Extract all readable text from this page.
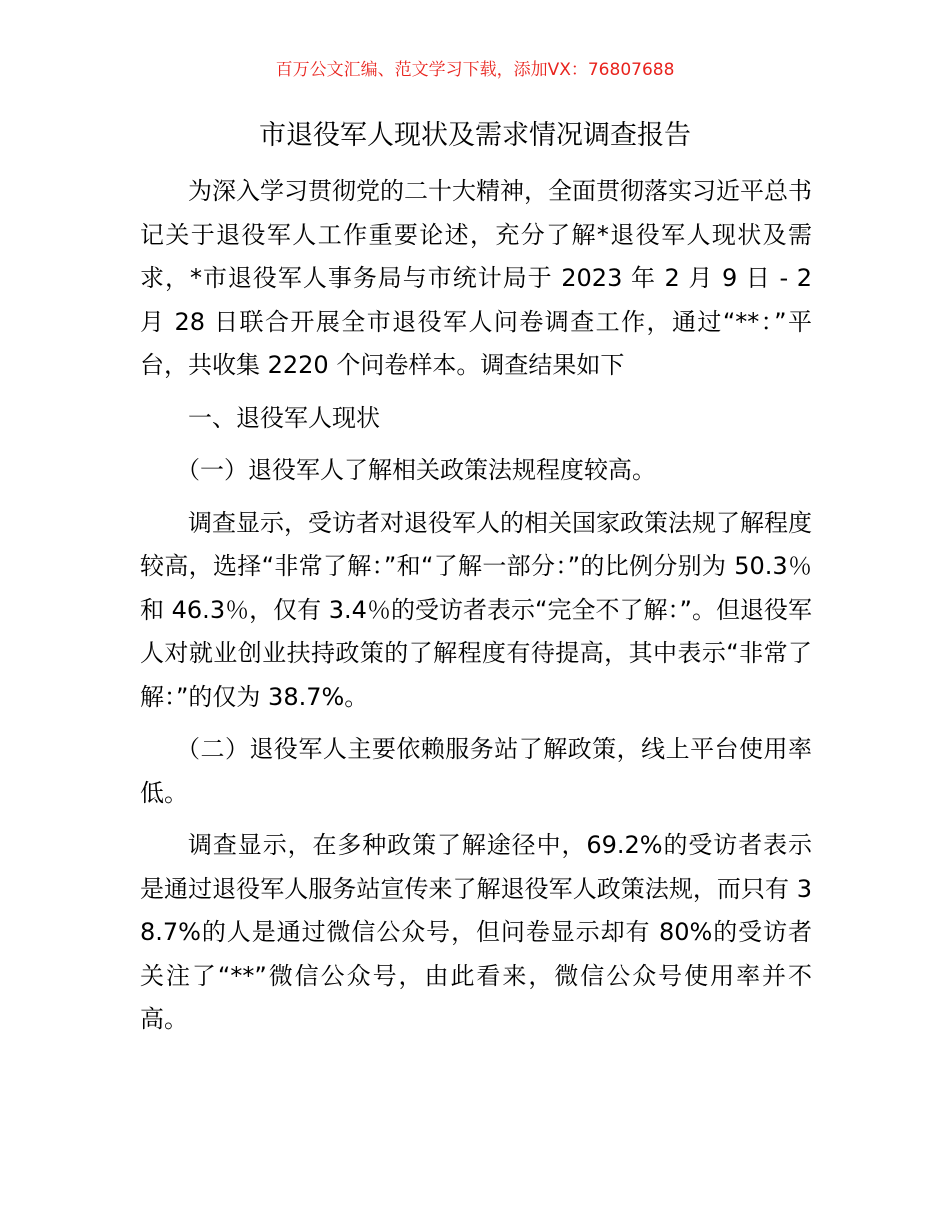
百万公文汇编、范文学习下载，添加VX：76807688
市退役军人现状及需求情况调查报告

为深入学习贯彻党的二十大精神，全面贯彻落实习近平总书记关于退役军人工作重要论述，充分了解*退役军人现状及需求，*市退役军人事务局与市统计局于 2023 年 2 月 9 日 - 2 月 28 日联合开展全市退役军人问卷调查工作，通过“**：”平台，共收集 2220 个问卷样本。调查结果如下

一、退役军人现状

（一）退役军人了解相关政策法规程度较高。

调查显示，受访者对退役军人的相关国家政策法规了解程度较高，选择“非常了解：”和“了解一部分：”的比例分别为 50.3％和 46.3％，仅有 3.4％的受访者表示“完全不了解：”。但退役军人对就业创业扶持政策的了解程度有待提高，其中表示“非常了解：”的仅为 38.7%。

（二）退役军人主要依赖服务站了解政策，线上平台使用率低。

调查显示，在多种政策了解途径中，69.2%的受访者表示是通过退役军人服务站宣传来了解退役军人政策法规，而只有 38.7%的人是通过微信公众号，但问卷显示却有 80%的受访者关注了“**”微信公众号，由此看来，微信公众号使用率并不高。
